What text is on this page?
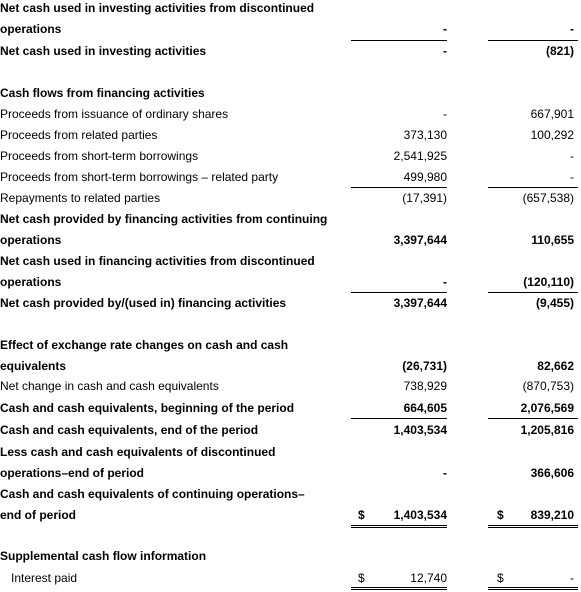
Net cash used in investing activities from discontinued
operations	-	-
Net cash used in investing activities	-	(821)
Cash flows from financing activities
Proceeds from issuance of ordinary shares	-	667,901
Proceeds from related parties	373,130	100,292
Proceeds from short-term borrowings	2,541,925	-
Proceeds from short-term borrowings – related party	499,980	-
Repayments to related parties	(17,391)	(657,538)
Net cash provided by financing activities from continuing
operations	3,397,644	110,655
Net cash used in financing activities from discontinued
operations	-	(120,110)
Net cash provided by/(used in) financing activities	3,397,644	(9,455)
Effect of exchange rate changes on cash and cash
equivalents	(26,731)	82,662
Net change in cash and cash equivalents	738,929	(870,753)
Cash and cash equivalents, beginning of the period	664,605	2,076,569
Cash and cash equivalents, end of the period	1,403,534	1,205,816
Less cash and cash equivalents of discontinued
operations–end of period	-	366,606
Cash and cash equivalents of continuing operations–
end of period	1,403,534	839,210
$	$
Supplemental cash flow information
Interest paid	12,740	-
$	$
